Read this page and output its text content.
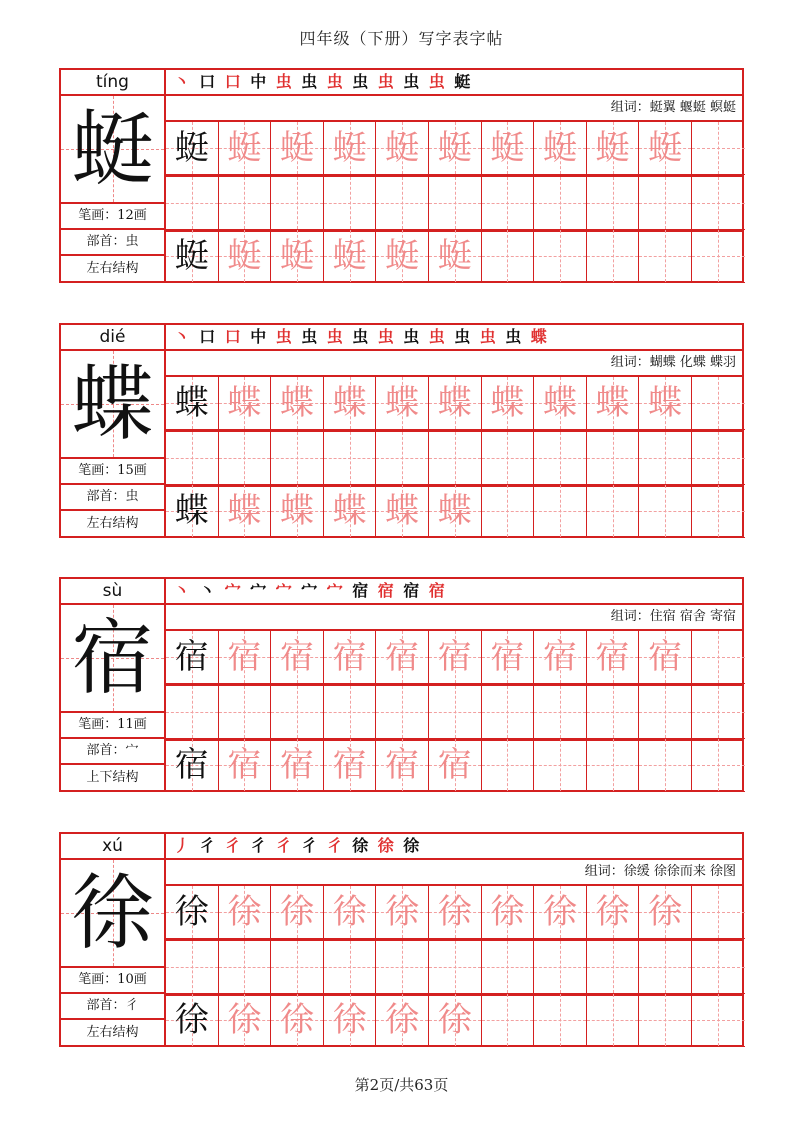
四年级（下册）写字表字帖
tíng
蜓
笔画：12画
部首：虫
左右结构
丶 口 口 中 虫 虫 虫 虫 虫 虫 虫 蜓
组词：蜓翼 蝘蜓 螟蜓
蜓 蜓 蜓 蜓 蜓 蜓 蜓 蜓 蜓 蜓
蜓 蜓 蜓 蜓 蜓 蜓
dié
蝶
笔画：15画
部首：虫
左右结构
丶 口 口 中 虫 虫 虫 虫 虫 虫 虫 虫 虫 虫 蝶
组词：蝴蝶 化蝶 蝶羽
蝶 蝶 蝶 蝶 蝶 蝶 蝶 蝶 蝶 蝶
蝶 蝶 蝶 蝶 蝶 蝶
sù
宿
笔画：11画
部首：宀
上下结构
丶 丶 宀 宀 宀 宀 宀 宿 宿 宿 宿
组词：住宿 宿舍 寄宿
宿 宿 宿 宿 宿 宿 宿 宿 宿 宿
宿 宿 宿 宿 宿 宿
xú
徐
笔画：10画
部首：彳
左右结构
丿 彳 彳 彳 彳 彳 彳 徐 徐 徐
组词：徐缓 徐徐而来 徐图
徐 徐 徐 徐 徐 徐 徐 徐 徐 徐
徐 徐 徐 徐 徐 徐
第2页/共63页
